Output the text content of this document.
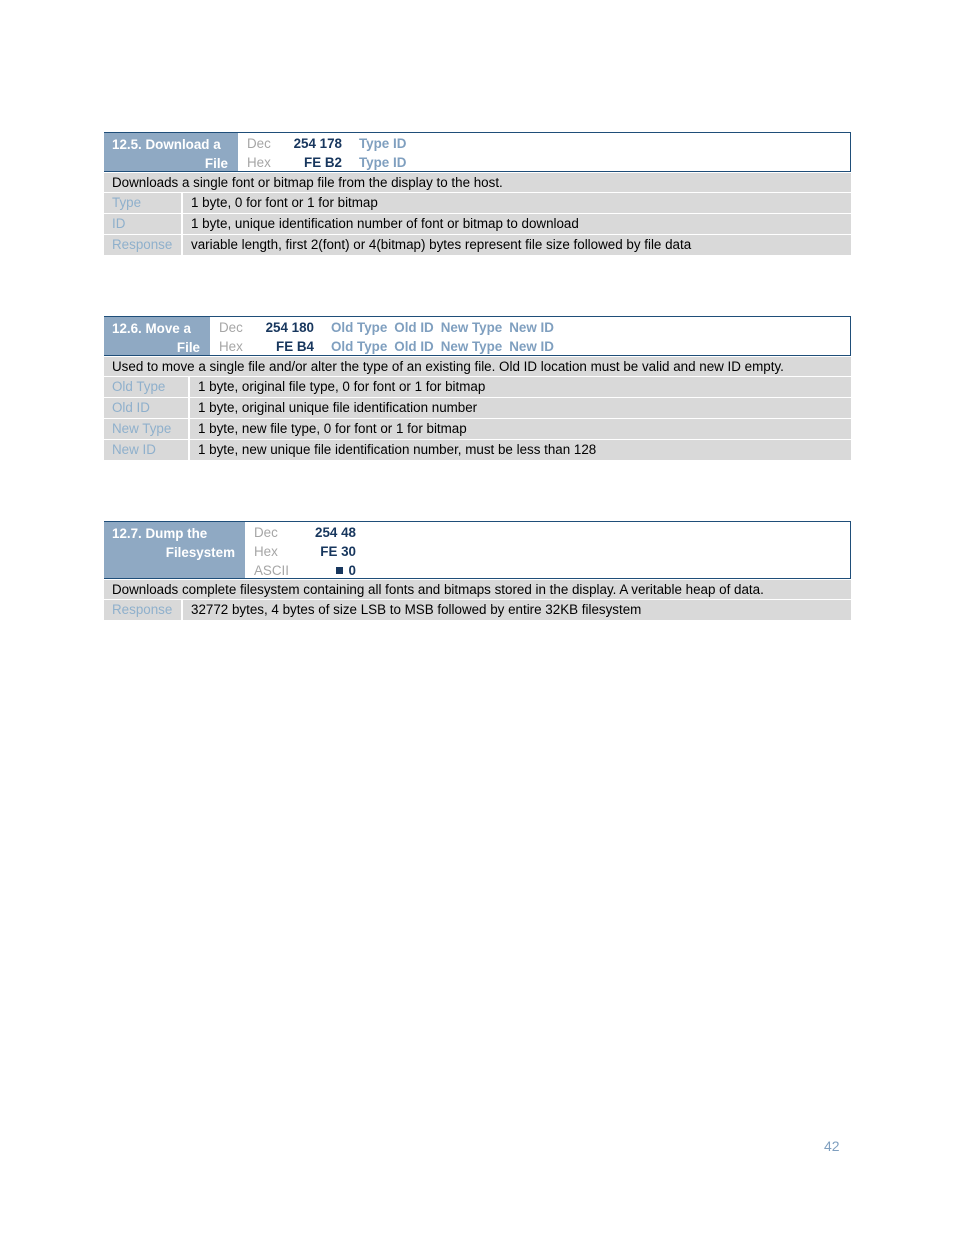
12.5. Download a
File
Dec	254 178 Type ID
Hex	FE B2 Type ID
Downloads a single font or bitmap file from the display to the host.
Type	1 byte, 0 for font or 1 for bitmap
ID	1 byte, unique identification number of font or bitmap to download
Response	variable length, first 2(font) or 4(bitmap) bytes represent file size followed by file data
12.6. Move a
File
Dec	254 180 Old Type Old ID New Type New ID
Hex	FE B4 Old Type Old ID New Type New ID
Used to move a single file and/or alter the type of an existing file. Old ID location must be valid and new ID empty.
Old Type	1 byte, original file type, 0 for font or 1 for bitmap
Old ID	1 byte, original unique file identification number
New Type	1 byte, new file type, 0 for font or 1 for bitmap
New ID	1 byte, new unique file identification number, must be less than 128
12.7. Dump the
Filesystem
Dec	254 48
Hex	FE 30
ASCII	0
Downloads complete filesystem containing all fonts and bitmaps stored in the display. A veritable heap of data.
Response	32772 bytes, 4 bytes of size LSB to MSB followed by entire 32KB filesystem
42
